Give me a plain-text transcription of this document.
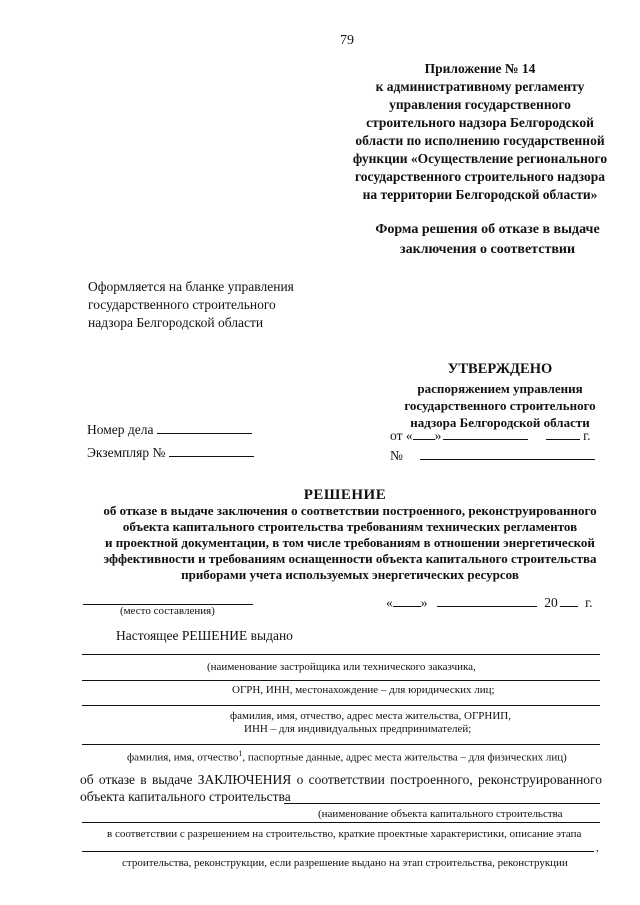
79
Приложение № 14
к административному регламенту
управления государственного
строительного надзора Белгородской
области по исполнению государственной
функции «Осуществление регионального
государственного строительного надзора
на территории Белгородской области»
Форма решения об отказе в выдаче
заключения о соответствии
Оформляется на бланке управления
государственного строительного
надзора Белгородской области
УТВЕРЖДЕНО
распоряжением управления
государственного строительного
надзора Белгородской области
Номер дела
Экземпляр №
от « »	г.
№
РЕШЕНИЕ
об отказе в выдаче заключения о соответствии построенного, реконструированного
объекта капитального строительства требованиям технических регламентов
и проектной документации, в том числе требованиям в отношении энергетической
эффективности и требованиям оснащенности объекта капитального строительства
приборами учета используемых энергетических ресурсов
(место составления)
« »	20 г.
Настоящее РЕШЕНИЕ выдано
(наименование застройщика или технического заказчика,
ОГРН, ИНН, местонахождение – для юридических лиц;
фамилия, имя, отчество, адрес места жительства, ОГРНИП,
ИНН – для индивидуальных предпринимателей;
фамилия, имя, отчество$^1$, паспортные данные, адрес места жительства – для физических лиц)
об отказе в выдаче ЗАКЛЮЧЕНИЯ о соответствии построенного, реконструированного
объекта капитального строительства
(наименование объекта капитального строительства
в соответствии с разрешением на строительство, краткие проектные характеристики, описание этапа
,
строительства, реконструкции, если разрешение выдано на этап строительства, реконструкции
